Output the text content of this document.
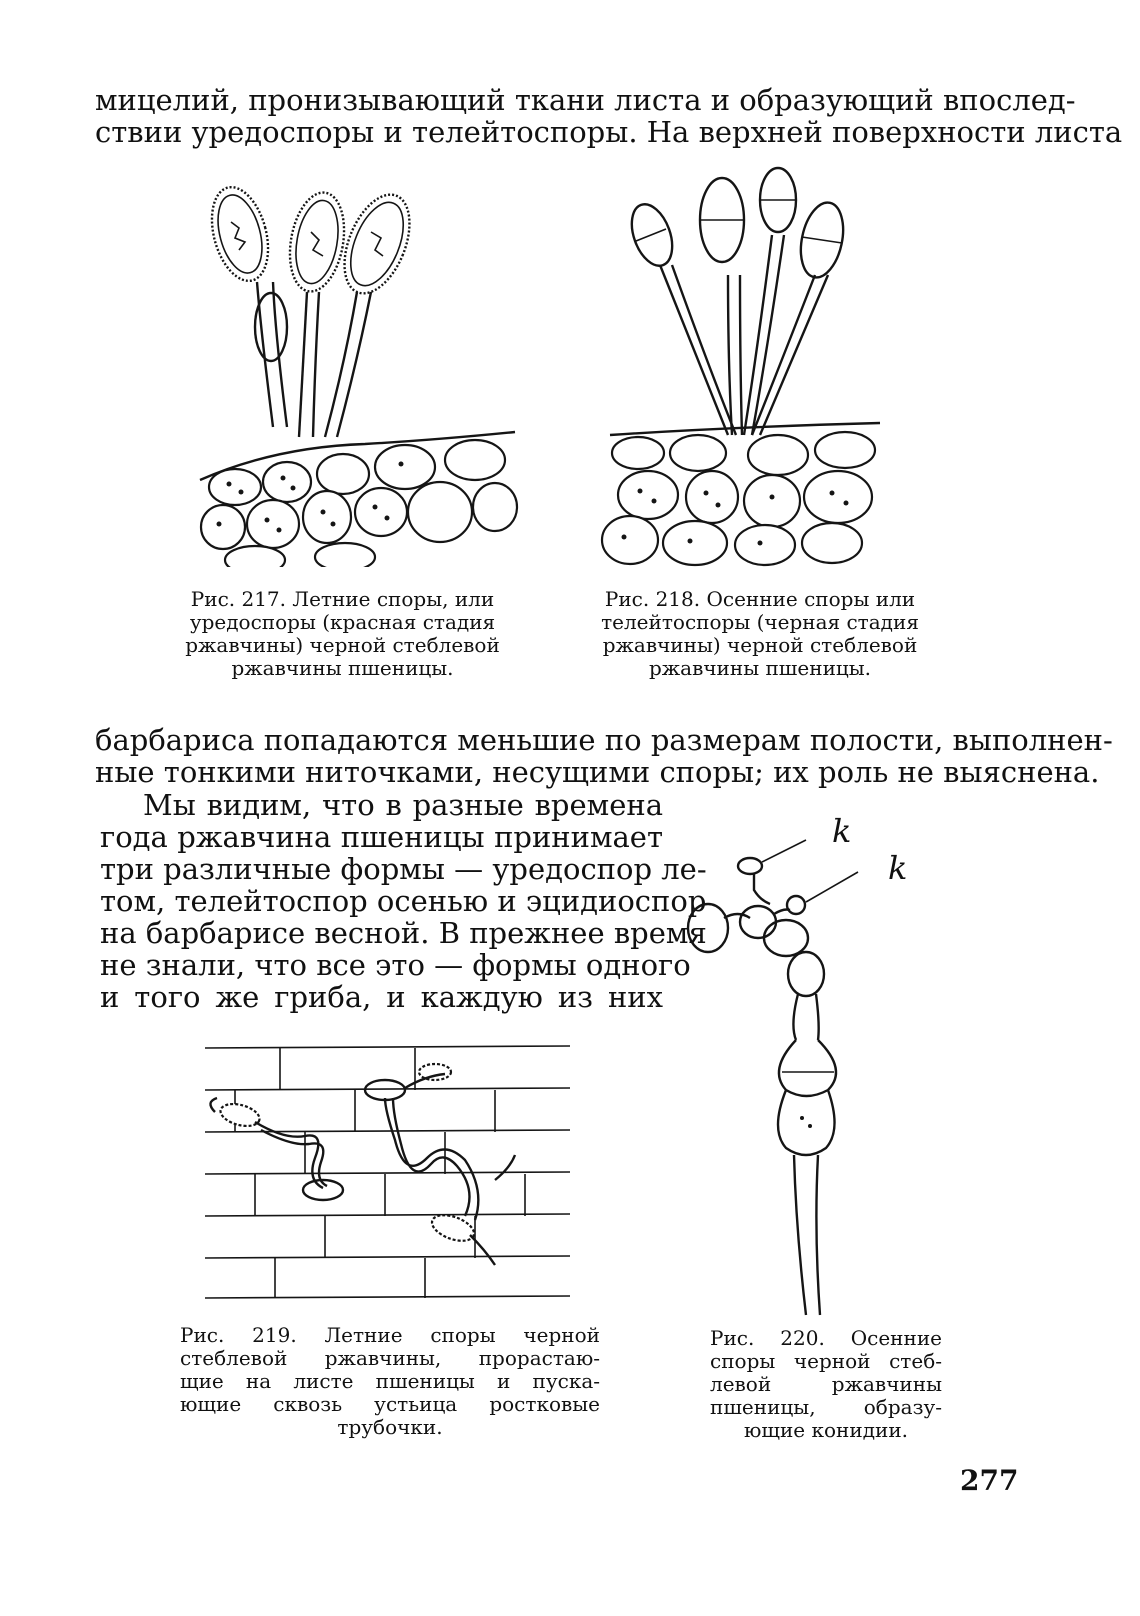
мицелий, пронизывающий ткани листа и образующий впослед-
ствии уредоспоры и телейтоспоры. На верхней поверхности листа
Рис. 217. Летние споры, или
уредоспоры (красная стадия
ржавчины) черной стеблевой
ржавчины пшеницы.
Рис. 218. Осенние споры или
телейтоспоры (черная стадия
ржавчины) черной стеблевой
ржавчины пшеницы.
барбариса попадаются меньшие по размерам полости, выполнен-
ные тонкими ниточками, несущими споры; их роль не выяснена.
Мы видим, что в разные времена
года ржавчина пшеницы принимает
три различные формы — уредоспор ле-
том, телейтоспор осенью и эцидиоспор
на барбарисе весной. В прежнее время
не знали, что все это — формы одного
и того же гриба, и каждую из них
k
k
Рис. 219. Летние споры черной
стеблевой ржавчины, прорастаю-
щие на листе пшеницы и пуска-
ющие сквозь устьица ростковые
трубочки.
Рис. 220. Осенние
споры черной стеб-
левой ржавчины
пшеницы, образу-
ющие конидии.
277
